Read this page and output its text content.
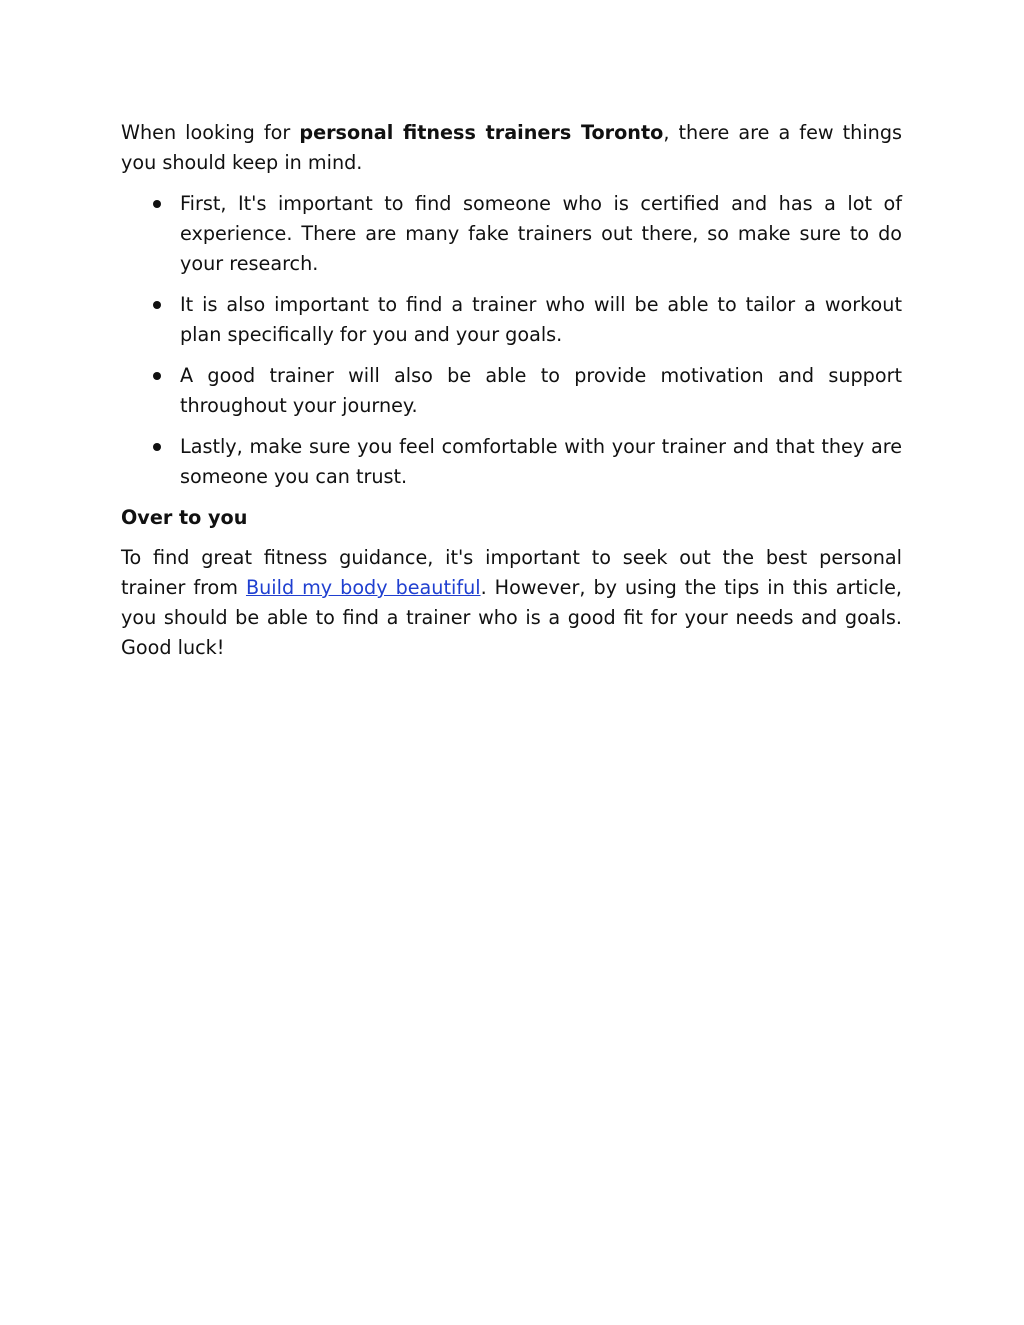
When looking for personal fitness trainers Toronto, there are a few things you should keep in mind.

First, It's important to find someone who is certified and has a lot of experience. There are many fake trainers out there, so make sure to do your research.
It is also important to find a trainer who will be able to tailor a workout plan specifically for you and your goals.
A good trainer will also be able to provide motivation and support throughout your journey.
Lastly, make sure you feel comfortable with your trainer and that they are someone you can trust.

Over to you

To find great fitness guidance, it's important to seek out the best personal trainer from Build my body beautiful. However, by using the tips in this article, you should be able to find a trainer who is a good fit for your needs and goals. Good luck!
